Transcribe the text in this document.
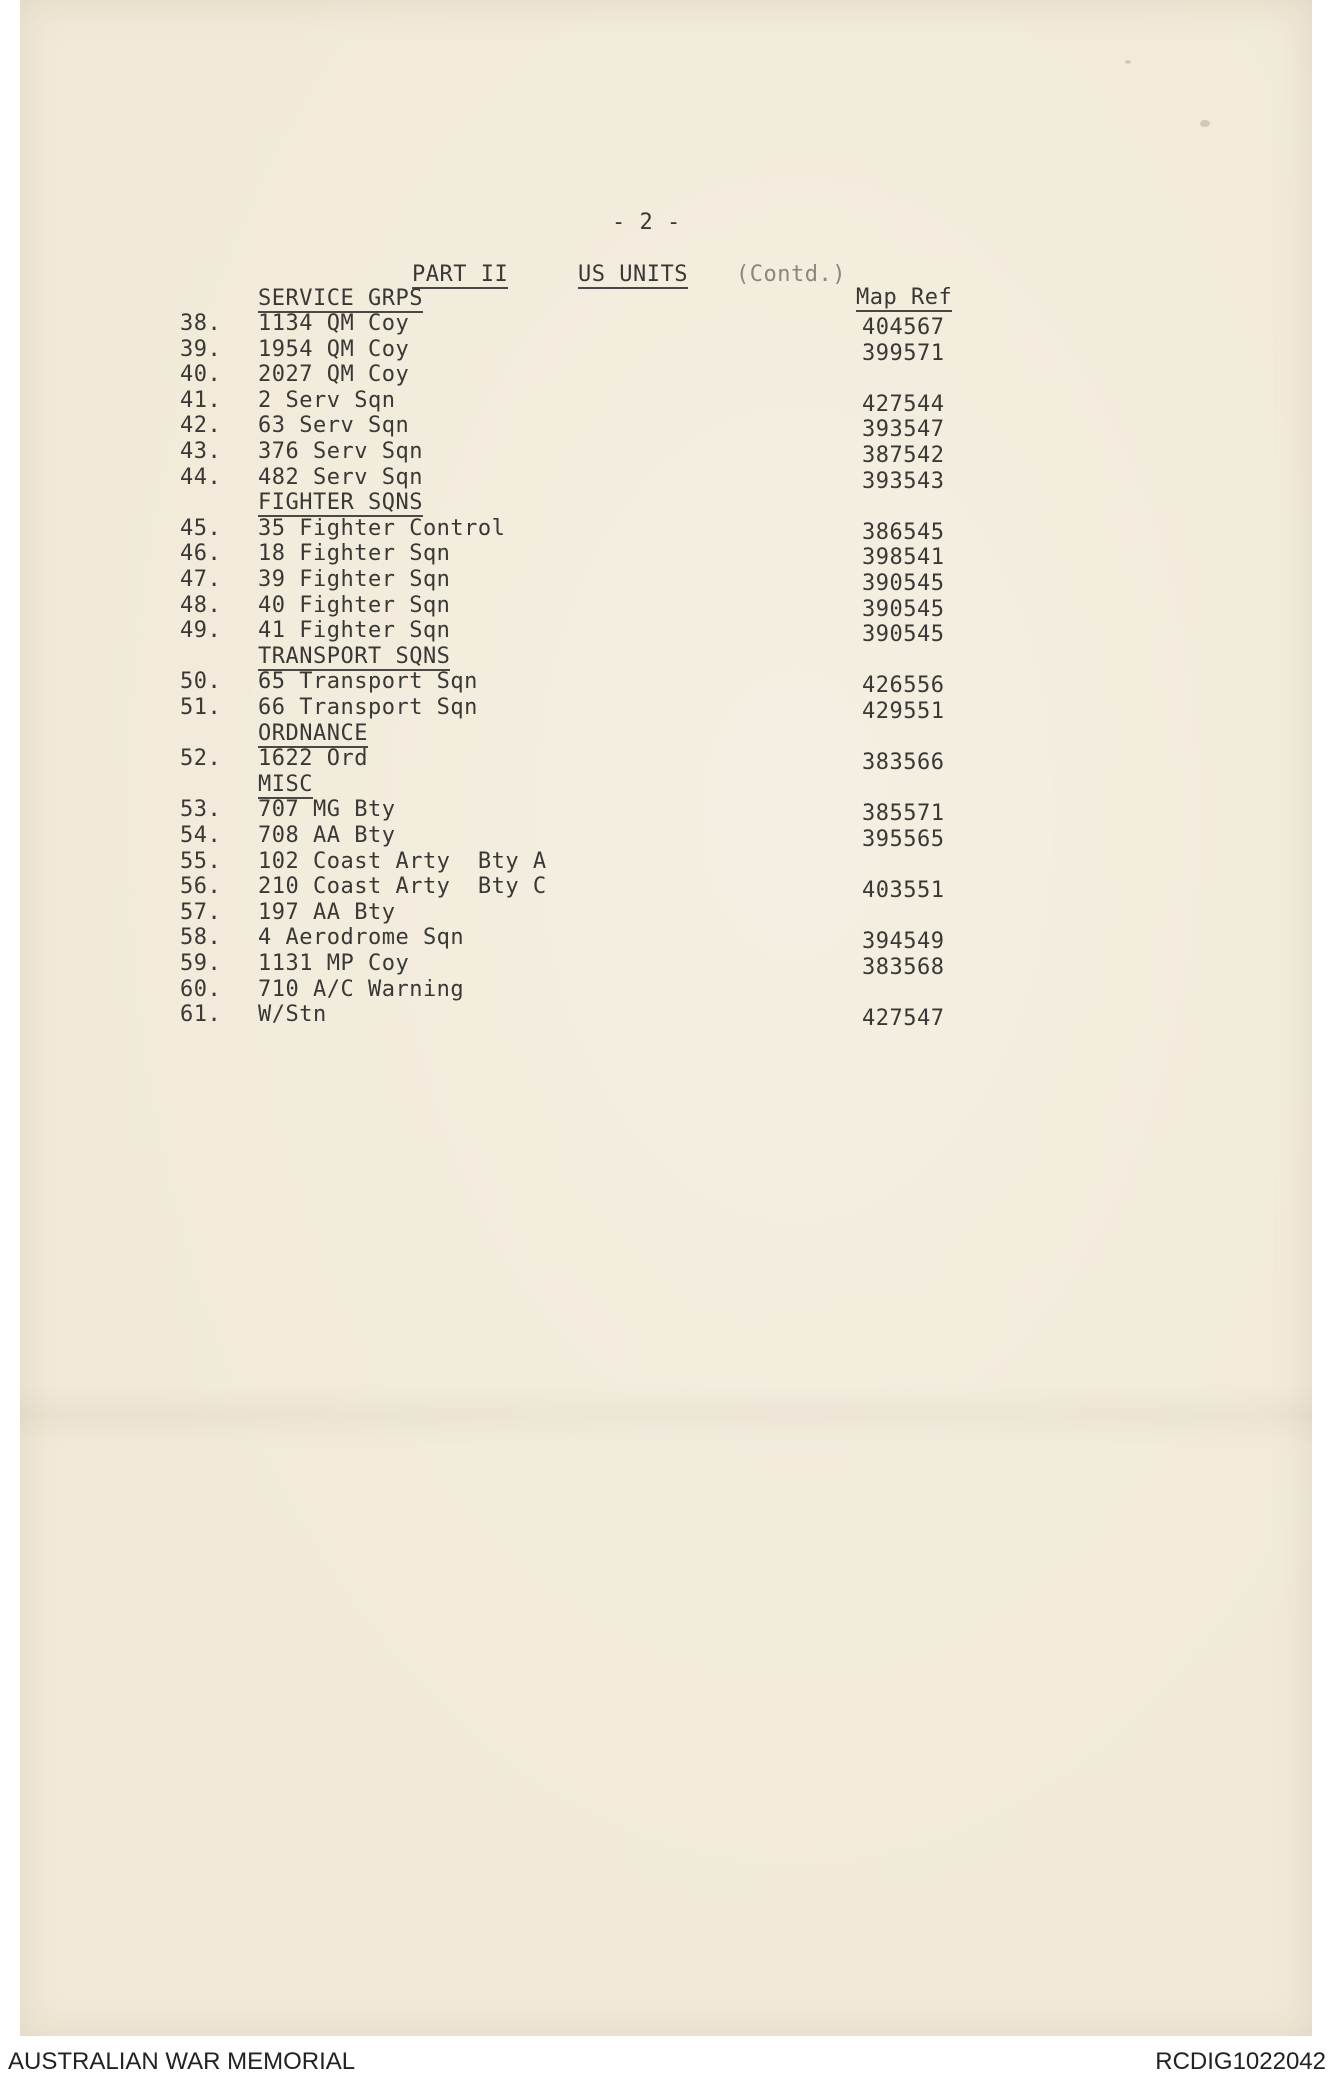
- 2 -
PART II	US UNITS (Contd.)
Map Ref
SERVICE GRPS
38. 1134 QM Coy	404567
39. 1954 QM Coy	399571
40. 2027 QM Coy
41. 2 Serv Sqn	427544
42. 63 Serv Sqn	393547
43. 376 Serv Sqn	387542
44. 482 Serv Sqn	393543
FIGHTER SQNS
45. 35 Fighter Control	386545
46. 18 Fighter Sqn	398541
47. 39 Fighter Sqn	390545
48. 40 Fighter Sqn	390545
49. 41 Fighter Sqn	390545
TRANSPORT SQNS
50. 65 Transport Sqn	426556
51. 66 Transport Sqn	429551
ORDNANCE
52. 1622 Ord	383566
MISC
53. 707 MG Bty	385571
54. 708 AA Bty	395565
55. 102 Coast Arty  Bty A
56. 210 Coast Arty  Bty C	403551
57. 197 AA Bty
58. 4 Aerodrome Sqn	394549
59. 1131 MP Coy	383568
60. 710 A/C Warning
61. W/Stn	427547
AUSTRALIAN WAR MEMORIAL	RCDIG1022042
